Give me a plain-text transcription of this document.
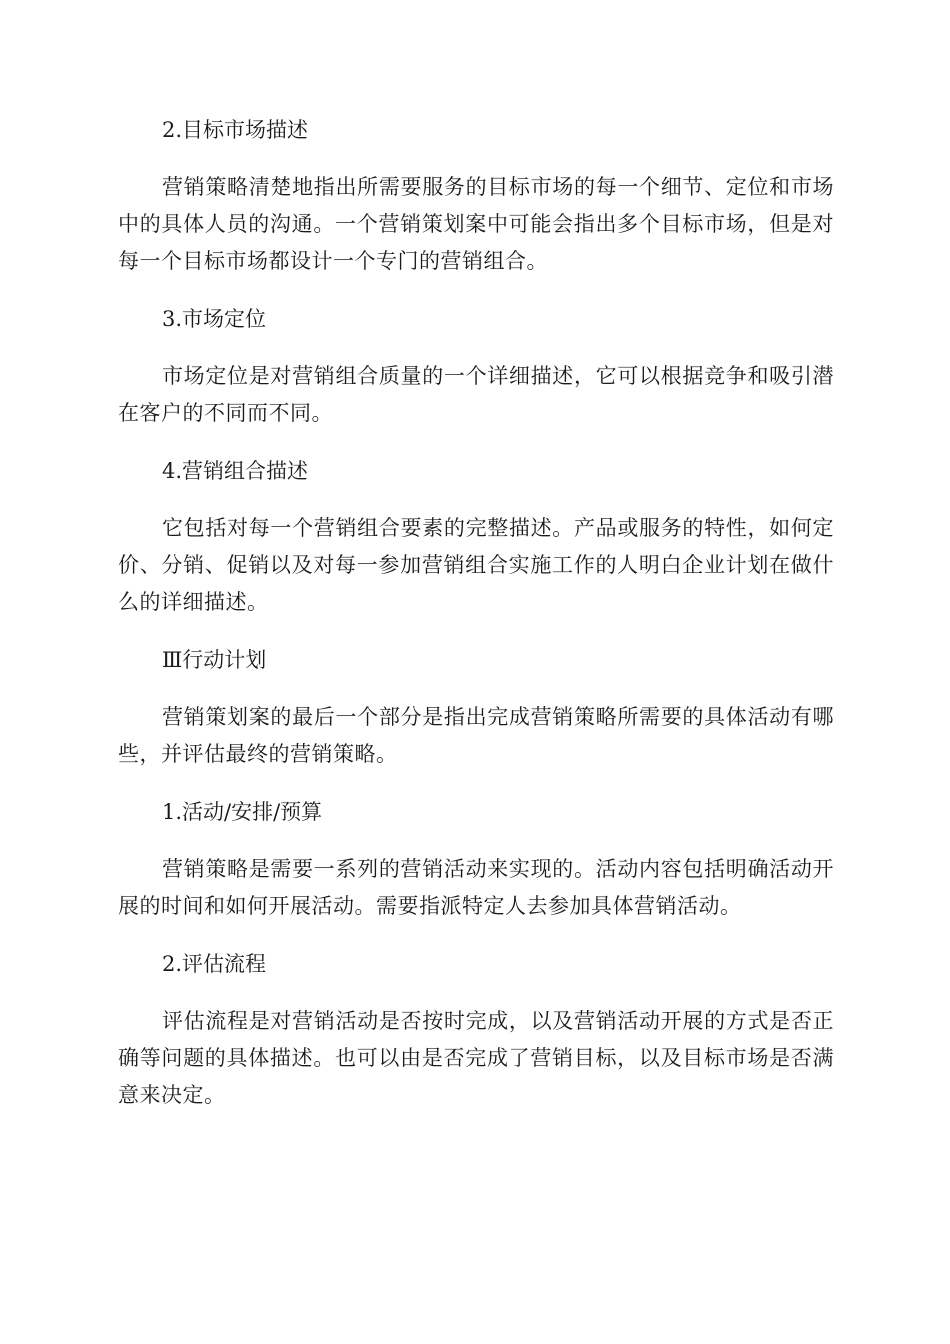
2.目标市场描述

营销策略清楚地指出所需要服务的目标市场的每一个细节、定位和市场中的具体人员的沟通。一个营销策划案中可能会指出多个目标市场，但是对每一个目标市场都设计一个专门的营销组合。

3.市场定位

市场定位是对营销组合质量的一个详细描述，它可以根据竞争和吸引潜在客户的不同而不同。

4.营销组合描述

它包括对每一个营销组合要素的完整描述。产品或服务的特性，如何定价、分销、促销以及对每一参加营销组合实施工作的人明白企业计划在做什么的详细描述。

Ⅲ行动计划

营销策划案的最后一个部分是指出完成营销策略所需要的具体活动有哪些，并评估最终的营销策略。

1.活动/安排/预算

营销策略是需要一系列的营销活动来实现的。活动内容包括明确活动开展的时间和如何开展活动。需要指派特定人去参加具体营销活动。

2.评估流程

评估流程是对营销活动是否按时完成，以及营销活动开展的方式是否正确等问题的具体描述。也可以由是否完成了营销目标，以及目标市场是否满意来决定。
